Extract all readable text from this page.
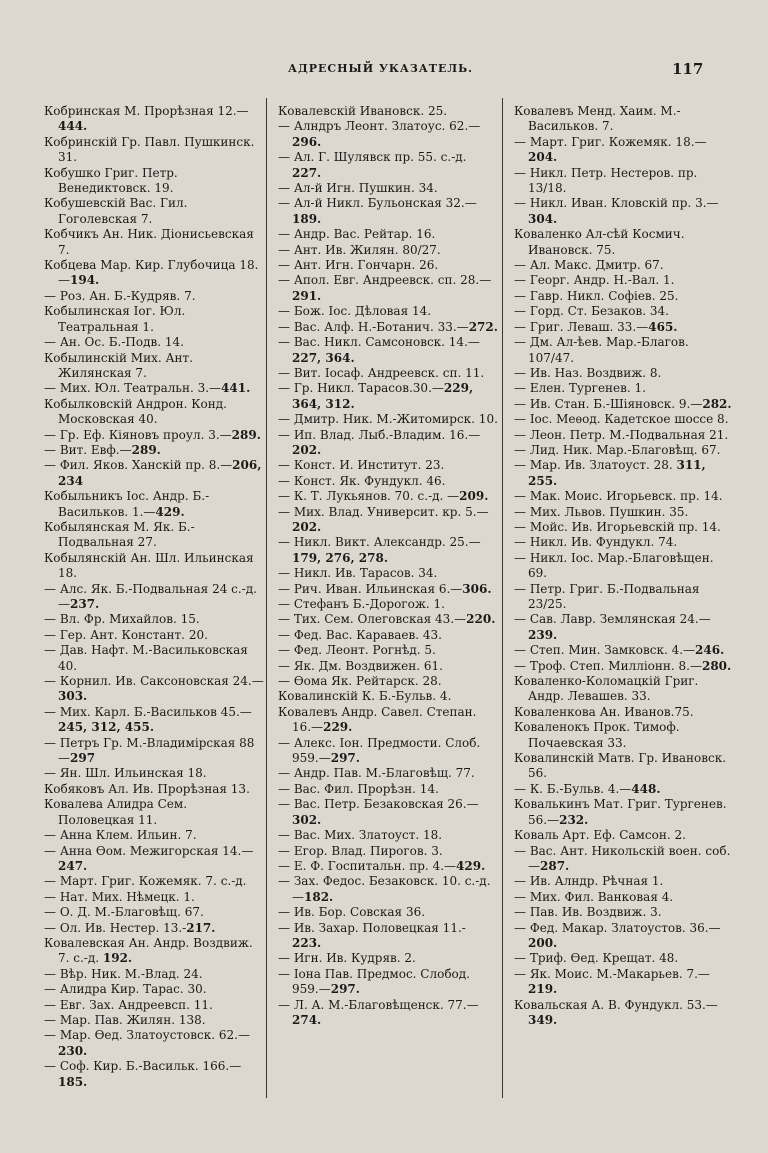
АДРЕСНЫЙ УКАЗАТЕЛЬ.	117
Кобринская М. Прорѣзная 12.—444.
Кобринскій Гр. Павл. Пушкинск. 31.
Кобушко Григ. Петр. Венедиктовск. 19.
Кобушевскій Вас. Гил. Гоголевская 7.
Кобчикъ Ан. Ник. Діонисьевская 7.
Кобцева Мар. Кир. Глубочица 18.—194.
— Роз. Ан. Б.-Кудряв. 7.
Кобылинская Іог. Юл. Театральная 1.
— Ан. Ос. Б.-Подв. 14.
Кобылинскій Мих. Ант. Жилянская 7.
— Мих. Юл. Театральн. 3.—441.
Кобылковскій Андрон. Конд. Московская 40.
— Гр. Еф. Кіяновъ проул. 3.—289.
— Вит. Евф.—289.
— Фил. Яков. Ханскій пр. 8.—206, 234
Кобыльникъ Іос. Андр. Б.-Васильков. 1.—429.
Кобылянская М. Як. Б.-Подвальная 27.
Кобылянскій Ан. Шл. Ильинская 18.
— Алс. Як. Б.-Подвальная 24 с.-д.—237.
— Вл. Фр. Михайлов. 15.
— Гер. Ант. Констант. 20.
— Дав. Нафт. М.-Васильковская 40.
— Корнил. Ив. Саксоновская 24.—303.
— Мих. Карл. Б.-Васильков 45.—245, 312, 455.
— Петръ Гр. М.-Владимірская 88 —297
— Ян. Шл. Ильинская 18.
Кобяковъ Ал. Ив. Прорѣзная 13.
Ковалева Алидра Сем. Половецкая 11.
— Анна Клем. Ильин. 7.
— Анна Ѳом. Межигорская 14.—247.
— Март. Григ. Кожемяк. 7. с.-д.
— Нат. Мих. Нѣмецк. 1.
— О. Д. М.-Благовѣщ. 67.
— Ол. Ив. Нестер. 13.-217.
Ковалевская Ан. Андр. Воздвиж. 7. с.-д. 192.
— Вѣр. Ник. М.-Влад. 24.
— Алидра Кир. Тарас. 30.
— Евг. Зах. Андреевсп. 11.
— Мар. Пав. Жилян. 138.
— Мар. Ѳед. Златоустовск. 62.—230.
— Соф. Кир. Б.-Васильк. 166.—185.
Ковалевскій Ивановск. 25.
— Алндръ Леонт. Златоус. 62.—296.
— Ал. Г. Шулявск пр. 55. с.-д. 227.
— Ал-й Игн. Пушкин. 34.
— Ал-й Никл. Бульонская 32.—189.
— Андр. Вас. Рейтар. 16.
— Ант. Ив. Жилян. 80/27.
— Ант. Игн. Гончарн. 26.
— Апол. Евг. Андреевск. сп. 28.—291.
— Бож. Іос. Дѣловая 14.
— Вас. Алф. Н.-Ботанич. 33.—272.
— Вас. Никл. Самсоновск. 14.—227, 364.
— Вит. Іосаф. Андреевск. сп. 11.
— Гр. Никл. Тарасов.30.—229, 364, 312.
— Дмитр. Ник. М.-Житомирск. 10.
— Ип. Влад. Лыб.-Владим. 16.—202.
— Конст. И. Институт. 23.
— Конст. Як. Фундукл. 46.
— К. Т. Лукьянов. 70. с.-д. —209.
— Мих. Влад. Университ. кр. 5.—202.
— Никл. Викт. Александр. 25.—179, 276, 278.
— Никл. Ив. Тарасов. 34.
— Рич. Иван. Ильинская 6.—306.
— Стефанъ Б.-Дорогож. 1.
— Тих. Сем. Олеговская 43.—220.
— Фед. Вас. Караваев. 43.
— Фед. Леонт. Рогнѣд. 5.
— Як. Дм. Воздвижен. 61.
— Ѳома Як. Рейтарск. 28.
Ковалинскій К. Б.-Бульв. 4.
Ковалевъ Андр. Савел. Степан. 16.—229.
— Алекс. Іон. Предмости. Слоб. 959.—297.
— Андр. Пав. М.-Благовѣщ. 77.
— Вас. Фил. Прорѣзн. 14.
— Вас. Петр. Безаковская 26.—302.
— Вас. Мих. Златоуст. 18.
— Егор. Влад. Пирогов. 3.
— Е. Ф. Госпитальн. пр. 4.—429.
— Зах. Федос. Безаковск. 10. с.-д.—182.
— Ив. Бор. Совская 36.
— Ив. Захар. Половецкая 11.- 223.
— Игн. Ив. Кудряв. 2.
— Іона Пав. Предмос. Слобод. 959.—297.
— Л. А. М.-Благовѣщенск. 77.—274.
Ковалевъ Менд. Хаим. М.-Васильков. 7.
— Март. Григ. Кожемяк. 18.—204.
— Никл. Петр. Нестеров. пр. 13/18.
— Никл. Иван. Кловскій пр. 3.—304.
Коваленко Ал-сѣй Космич. Ивановск. 75.
— Ал. Макс. Дмитр. 67.
— Георг. Андр. Н.-Вал. 1.
— Гавр. Никл. Софіев. 25.
— Горд. Ст. Безаков. 34.
— Григ. Леваш. 33.—465.
— Дм. Ал-ѣев. Мар.-Благов. 107/47.
— Ив. Наз. Воздвиж. 8.
— Елен. Тургенев. 1.
— Ив. Стан. Б.-Шіяновск. 9.—282.
— Іос. Меѳод. Кадетское шоссе 8.
— Леон. Петр. М.-Подвальная 21.
— Лид. Ник. Мар.-Благовѣщ. 67.
— Мар. Ив. Златоуст. 28. 311, 255.
— Мак. Моис. Игорьевск. пр. 14.
— Мих. Львов. Пушкин. 35.
— Мойс. Ив. Игорьевскій пр. 14.
— Никл. Ив. Фундукл. 74.
— Никл. Іос. Мар.-Благовѣщен. 69.
— Петр. Григ. Б.-Подвальная 23/25.
— Сав. Лавр. Землянская 24.—239.
— Степ. Мин. Замковск. 4.—246.
— Троф. Степ. Милліонн. 8.—280.
Коваленко-Коломацкій Григ. Андр. Левашев. 33.
Коваленкова Ан. Иванов.75.
Коваленокъ Прок. Тимоф. Почаевская 33.
Ковалинскій Матв. Гр. Ивановск. 56.
— К. Б.-Бульв. 4.—448.
Ковалькинъ Мат. Григ. Тургенев. 56.—232.
Коваль Арт. Еф. Самсон. 2.
— Вас. Ант. Никольскій воен. соб.—287.
— Ив. Алндр. Рѣчная 1.
— Мих. Фил. Ванковая 4.
— Пав. Ив. Воздвиж. 3.
— Фед. Макар. Златоустов. 36.—200.
— Триф. Ѳед. Крещат. 48.
— Як. Моис. М.-Макарьев. 7.—219.
Ковальская А. В. Фундукл. 53.—349.
